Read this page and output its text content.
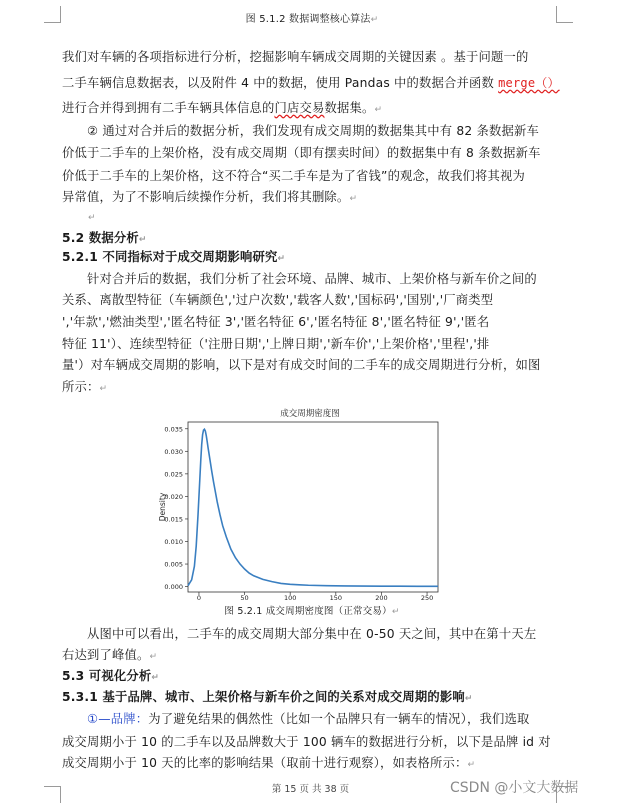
图 5.1.2 数据调整核心算法↵
我们对车辆的各项指标进行分析，挖掘影响车辆成交周期的关键因素 。基于问题一的
二手车辆信息数据表，以及附件 4 中的数据，使用 Pandas 中的数据合并函数 merge（）
进行合并得到拥有二手车辆具体信息的门店交易数据集。↵
② 通过对合并后的数据分析，我们发现有成交周期的数据集其中有 82 条数据新车
价低于二手车的上架价格，没有成交周期（即有摆卖时间）的数据集中有 8 条数据新车
价低于二手车的上架价格，这不符合“买二手车是为了省钱”的观念，故我们将其视为
异常值，为了不影响后续操作分析，我们将其删除。↵
↵
5.2 数据分析↵
5.2.1 不同指标对于成交周期影响研究↵
针对合并后的数据，我们分析了社会环境、品牌、城市、上架价格与新车价之间的
关系、离散型特征（车辆颜色','过户次数','载客人数','国标码','国别','厂商类型
','年款','燃油类型','匿名特征 3','匿名特征 6','匿名特征 8','匿名特征 9','匿名
特征 11'）、连续型特征（'注册日期','上牌日期','新车价','上架价格','里程','排
量'）对车辆成交周期的影响，以下是对有成交时间的二手车的成交周期进行分析，如图
所示：↵
成交周期密度图
Density
0.000
0.005
0.010
0.015
0.020
0.025
0.030
0.035
0	50	100	150	200	250
图 5.2.1 成交周期密度图（正常交易）↵
从图中可以看出，二手车的成交周期大部分集中在 0-50 天之间，其中在第十天左
右达到了峰值。↵
5.3 可视化分析↵
5.3.1 基于品牌、城市、上架价格与新车价之间的关系对成交周期的影响↵
①—品牌：为了避免结果的偶然性（比如一个品牌只有一辆车的情况），我们选取
成交周期小于 10 的二手车以及品牌数大于 100 辆车的数据进行分析，以下是品牌 id 对
成交周期小于 10 天的比率的影响结果（取前十进行观察），如表格所示：↵
第 15 页 共 38 页	CSDN @小文大数据
